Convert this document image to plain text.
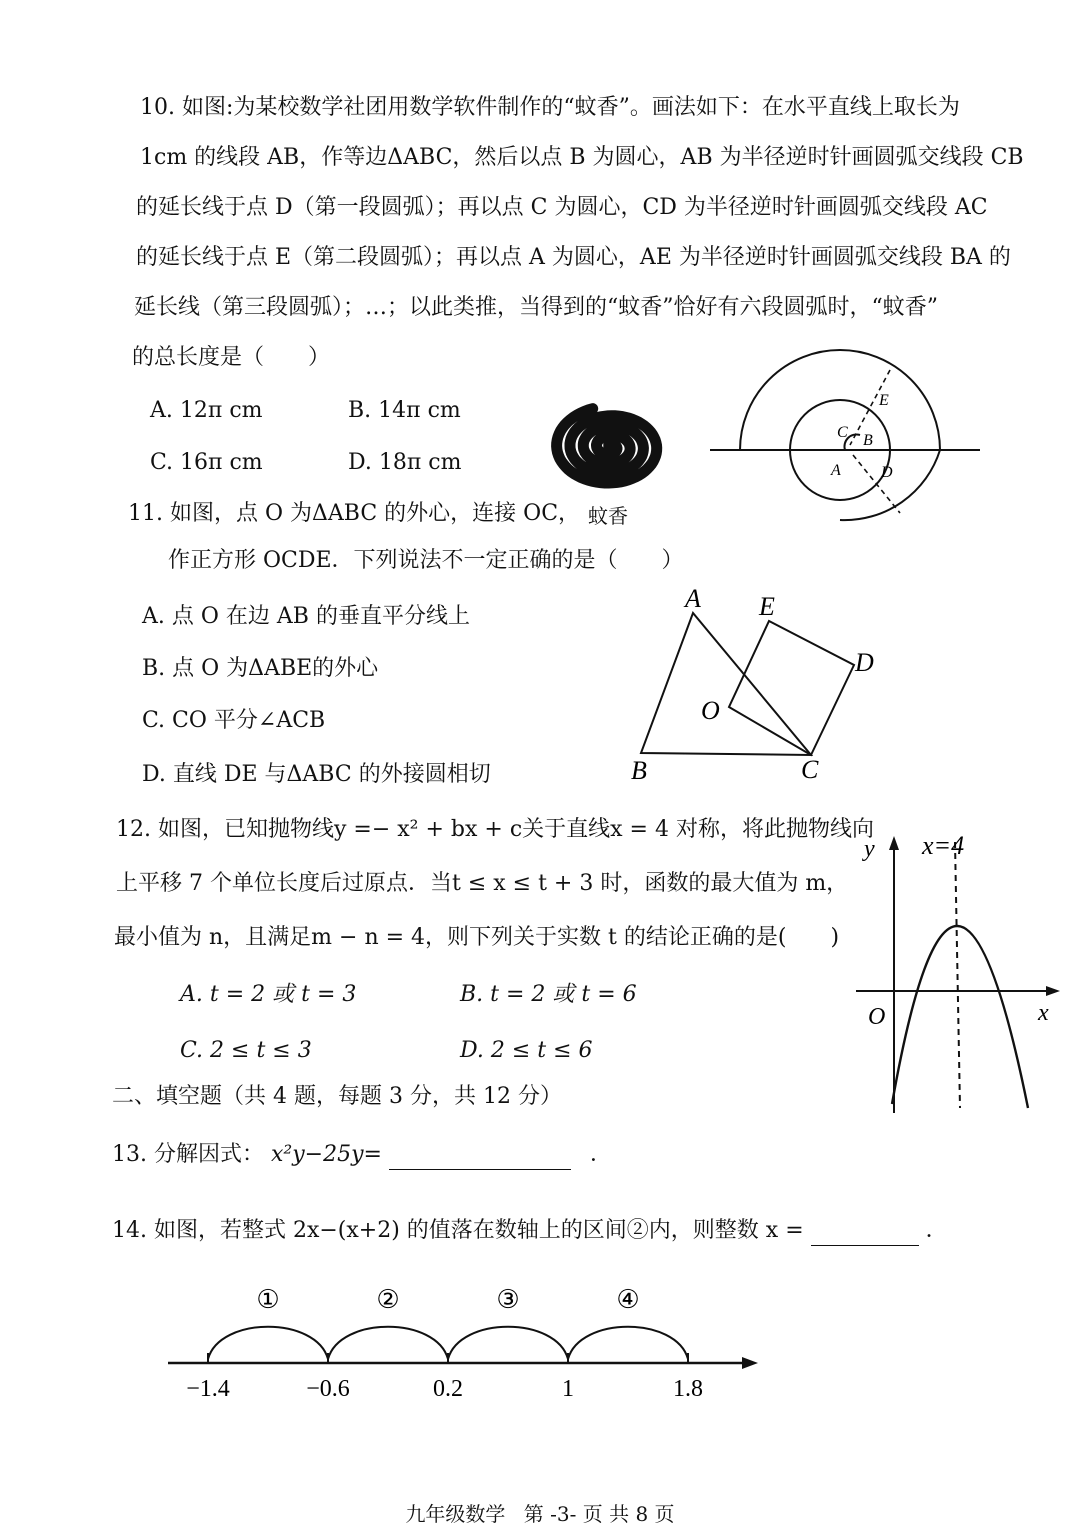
10. 如图:为某校数学社团用数学软件制作的“蚊香”。画法如下：在水平直线上取长为
1cm 的线段 AB，作等边ΔABC，然后以点 B 为圆心，AB 为半径逆时针画圆弧交线段 CB
的延长线于点 D（第一段圆弧）；再以点 C 为圆心，CD 为半径逆时针画圆弧交线段 AC
的延长线于点 E（第二段圆弧）；再以点 A 为圆心，AE 为半径逆时针画圆弧交线段 BA 的
延长线（第三段圆弧）；…；以此类推，当得到的“蚊香”恰好有六段圆弧时，“蚊香”
的总长度是（　　）
A. 12π cm	B. 14π cm
C. 16π cm	D. 18π cm
蚊香
E
C B
A	D
11. 如图，点 O 为ΔABC 的外心，连接 OC，
作正方形 OCDE．下列说法不一定正确的是（　　）
A. 点 O 在边 AB 的垂直平分线上
B. 点 O 为ΔABE的外心
C. CO 平分∠ACB
D. 直线 DE 与ΔABC 的外接圆相切
A E
D
O
B	C
12. 如图，已知抛物线y =− x² + bx + c关于直线x = 4 对称，将此抛物线向
上平移 7 个单位长度后过原点．当t ≤ x ≤ t + 3 时，函数的最大值为 m，
最小值为 n，且满足m − n = 4，则下列关于实数 t 的结论正确的是(　　)
A. t = 2 或 t = 3	B. t = 2 或 t = 6
C. 2 ≤ t ≤ 3	D. 2 ≤ t ≤ 6
y x=4
x
O
二、填空题（共 4 题，每题 3 分，共 12 分）
13. 分解因式： x²y−25y=	．
14. 如图，若整式 2x−(x+2) 的值落在数轴上的区间②内，则整数 x =	．
−1.4	−0.6	0.2	1	1.8
①	②	③	④
九年级数学 第 -3- 页 共 8 页
